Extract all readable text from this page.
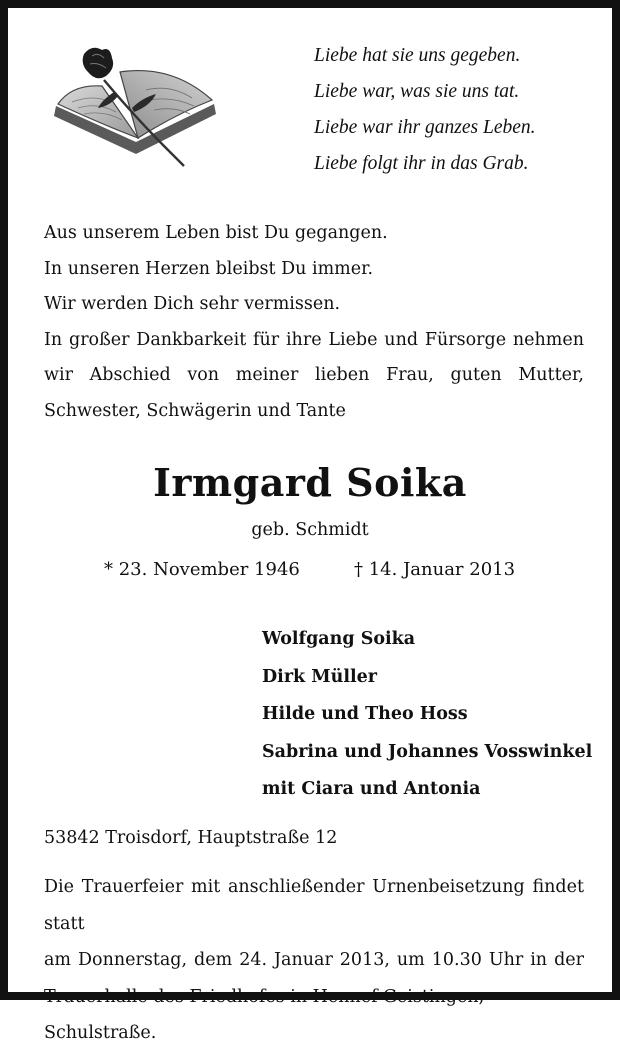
Liebe hat sie uns gegeben.
Liebe war, was sie uns tat.
Liebe war ihr ganzes Leben.
Liebe folgt ihr in das Grab.
Aus unserem Leben bist Du gegangen.
In unseren Herzen bleibst Du immer.
Wir werden Dich sehr vermissen.
In großer Dankbarkeit für ihre Liebe und Fürsorge nehmen
wir Abschied von meiner lieben Frau, guten Mutter,
Schwester, Schwägerin und Tante
Irmgard Soika
geb. Schmidt
* 23. November 1946	† 14. Januar 2013
Wolfgang Soika
Dirk Müller
Hilde und Theo Hoss
Sabrina und Johannes Vosswinkel
mit Ciara und Antonia
53842 Troisdorf, Hauptstraße 12
Die Trauerfeier mit anschließender Urnenbeisetzung findet statt
am Donnerstag, dem 24. Januar 2013, um 10.30 Uhr in der
Trauerhalle des Friedhofes in Hennef-Geistingen, Schulstraße.
